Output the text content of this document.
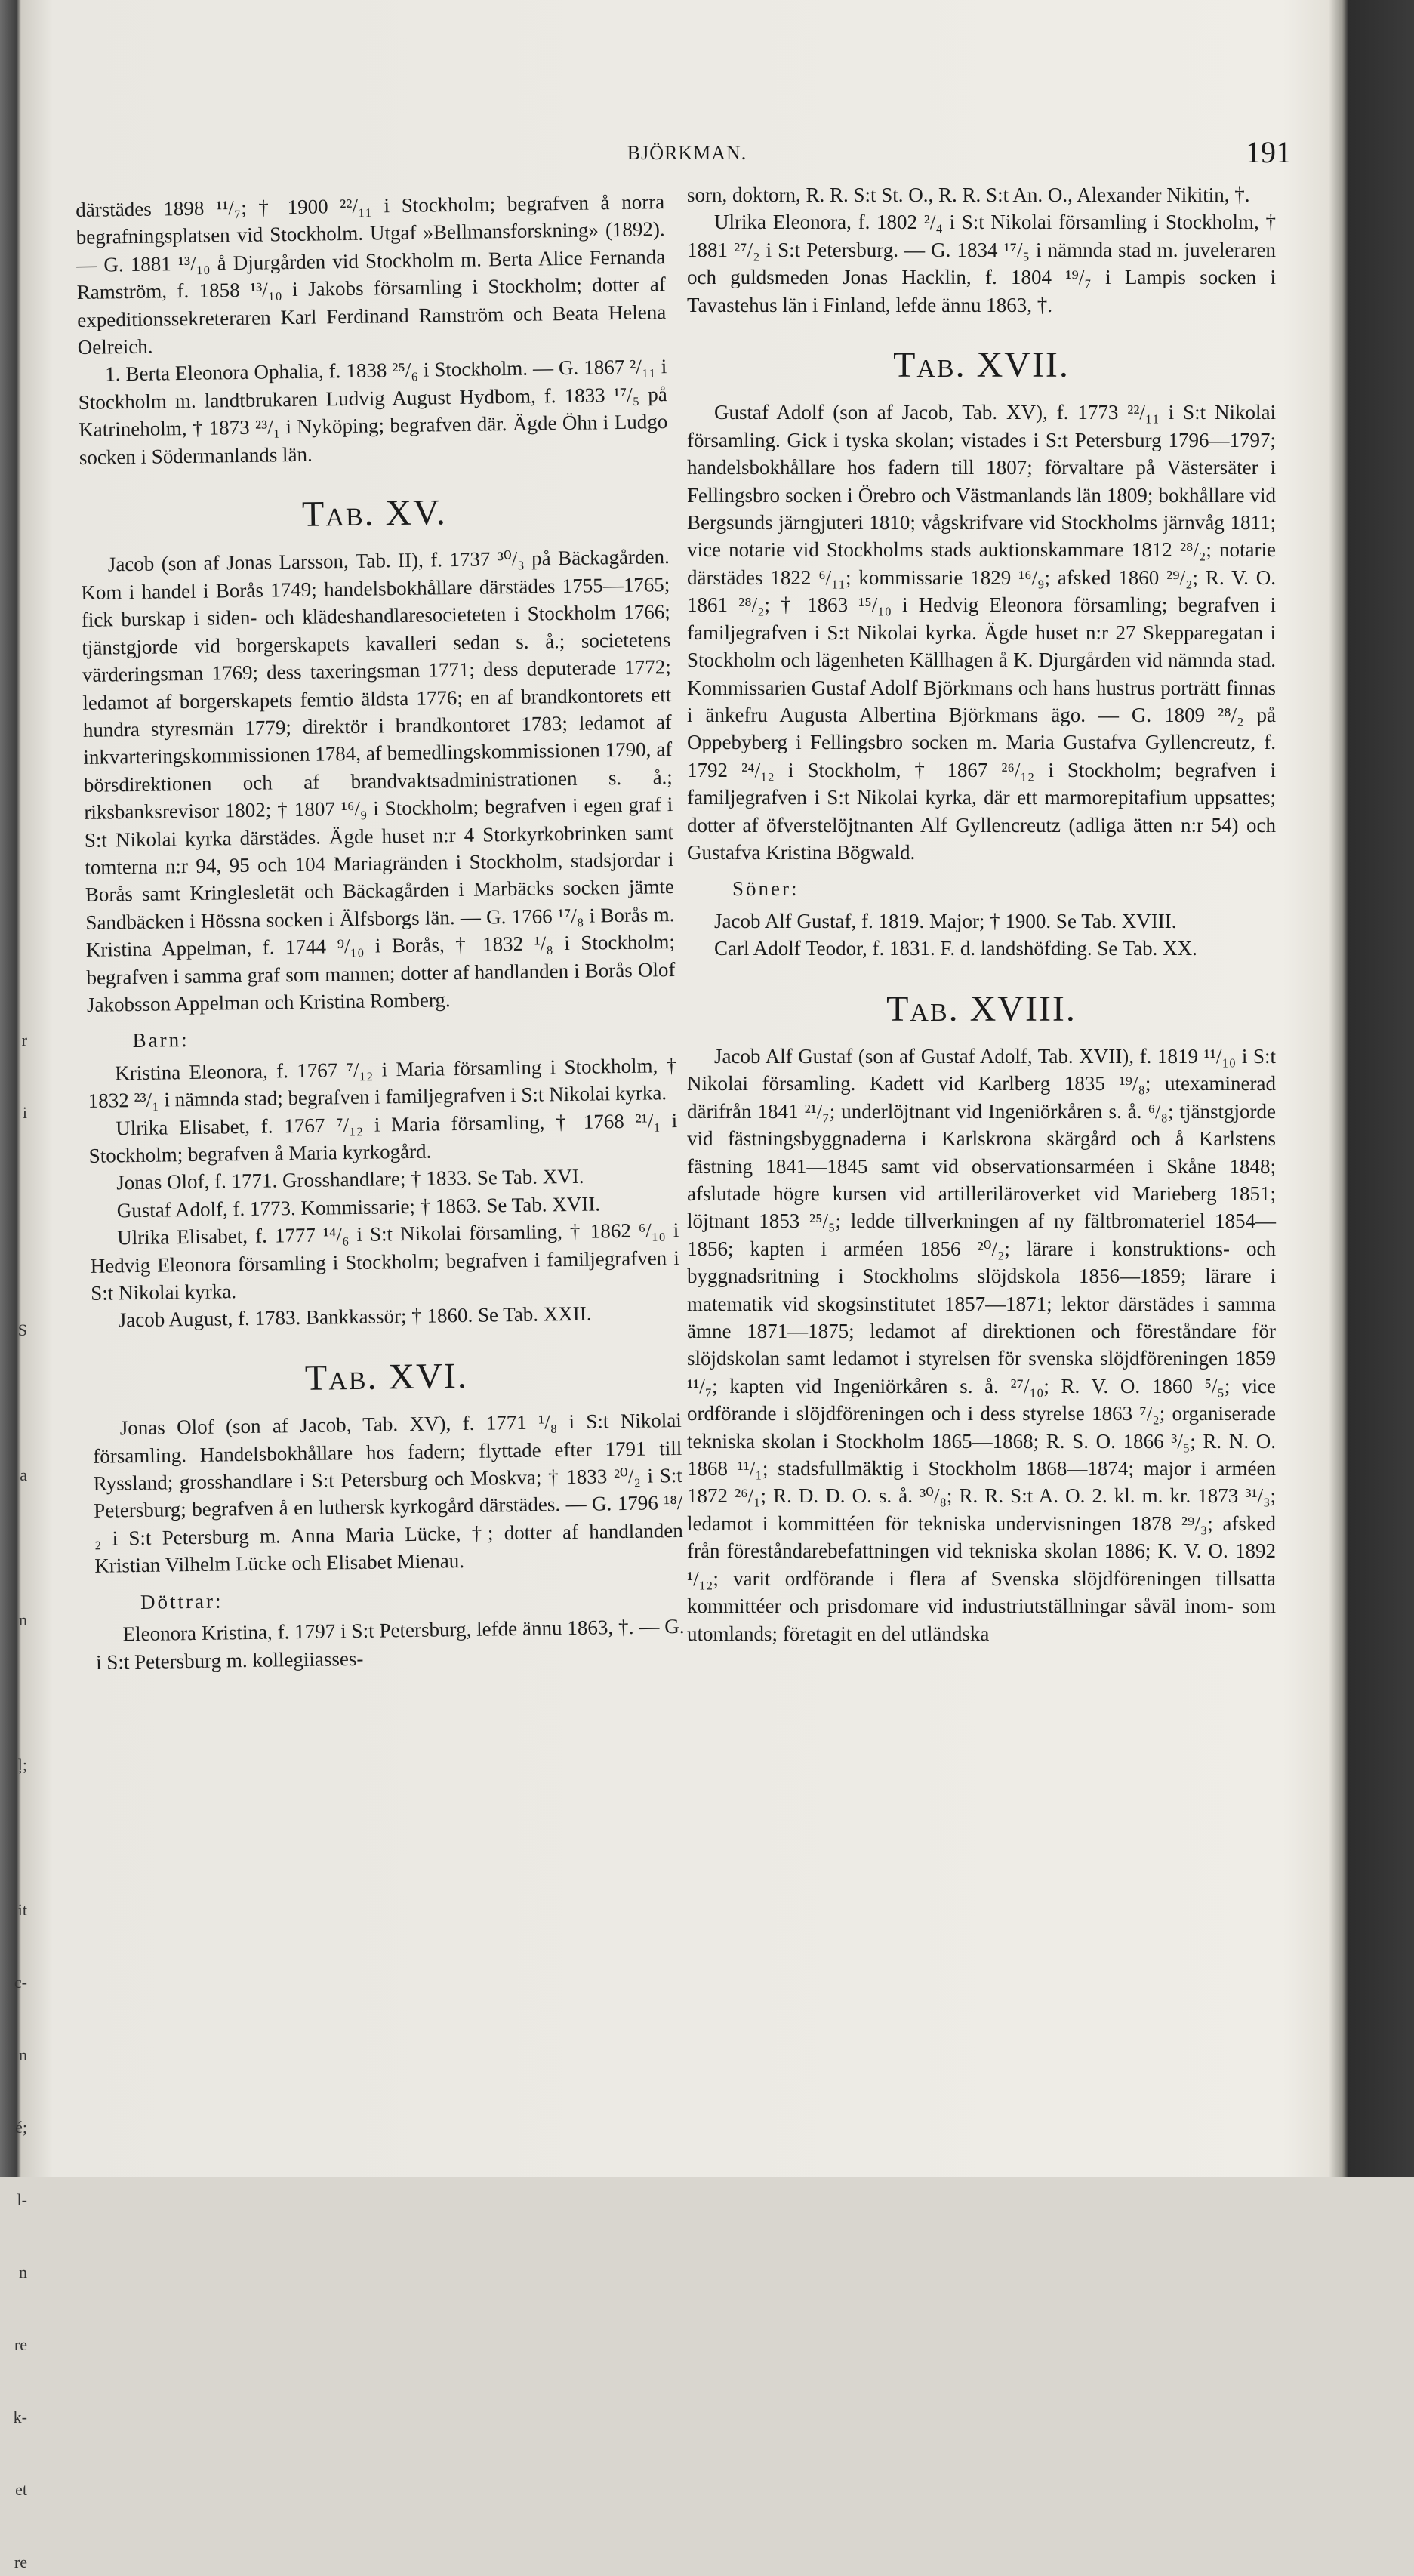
r
i

S

a

n

ļ;

it
c-
n
é;
l-
n
re
k-
et
re
BJÖRKMAN.	191

därstädes 1898 ¹¹/₇; † 1900 ²²/₁₁ i Stockholm; begrafven å norra begrafningsplatsen vid Stockholm. Utgaf »Bellmansforskning» (1892). — G. 1881 ¹³/₁₀ å Djurgården vid Stockholm m. Berta Alice Fernanda Ramström, f. 1858 ¹³/₁₀ i Jakobs församling i Stockholm; dotter af expeditionssekreteraren Karl Ferdinand Ramström och Beata Helena Oelreich.

1. Berta Eleonora Ophalia, f. 1838 ²⁵/₆ i Stockholm. — G. 1867 ²/₁₁ i Stockholm m. landtbrukaren Ludvig August Hydbom, f. 1833 ¹⁷/₅ på Katrineholm, † 1873 ²³/₁ i Nyköping; begrafven där. Ägde Öhn i Ludgo socken i Södermanlands län.

Tab. XV.

Jacob (son af Jonas Larsson, Tab. II), f. 1737 ³⁰/₃ på Bäckagården. Kom i handel i Borås 1749; handelsbokhållare därstädes 1755—1765; fick burskap i siden- och klädeshandlaresocieteten i Stockholm 1766; tjänstgjorde vid borgerskapets kavalleri sedan s. å.; societetens värderingsman 1769; dess taxeringsman 1771; dess deputerade 1772; ledamot af borgerskapets femtio äldsta 1776; en af brandkontorets ett hundra styresmän 1779; direktör i brandkontoret 1783; ledamot af inkvarteringskommissionen 1784, af bemedlingskommissionen 1790, af börsdirektionen och af brandvaktsadministrationen s. å.; riksbanksrevisor 1802; † 1807 ¹⁶/₉ i Stockholm; begrafven i egen graf i S:t Nikolai kyrka därstädes. Ägde huset n:r 4 Storkyrkobrinken samt tomterna n:r 94, 95 och 104 Mariagränden i Stockholm, stadsjordar i Borås samt Kringlesletät och Bäckagården i Marbäcks socken jämte Sandbäcken i Hössna socken i Älfsborgs län. — G. 1766 ¹⁷/₈ i Borås m. Kristina Appelman, f. 1744 ⁹/₁₀ i Borås, † 1832 ¹/₈ i Stockholm; begrafven i samma graf som mannen; dotter af handlanden i Borås Olof Jakobsson Appelman och Kristina Romberg.

Barn:

Kristina Eleonora, f. 1767 ⁷/₁₂ i Maria församling i Stockholm, † 1832 ²³/₁ i nämnda stad; begrafven i familjegrafven i S:t Nikolai kyrka.

Ulrika Elisabet, f. 1767 ⁷/₁₂ i Maria församling, † 1768 ²¹/₁ i Stockholm; begrafven å Maria kyrkogård.

Jonas Olof, f. 1771. Grosshandlare; † 1833. Se Tab. XVI.

Gustaf Adolf, f. 1773. Kommissarie; † 1863. Se Tab. XVII.

Ulrika Elisabet, f. 1777 ¹⁴/₆ i S:t Nikolai församling, † 1862 ⁶/₁₀ i Hedvig Eleonora församling i Stockholm; begrafven i familjegrafven i S:t Nikolai kyrka.

Jacob August, f. 1783. Bankkassör; † 1860. Se Tab. XXII.

Tab. XVI.

Jonas Olof (son af Jacob, Tab. XV), f. 1771 ¹/₈ i S:t Nikolai församling. Handelsbokhållare hos fadern; flyttade efter 1791 till Ryssland; grosshandlare i S:t Petersburg och Moskva; † 1833 ²⁰/₂ i S:t Petersburg; begrafven å en luthersk kyrkogård därstädes. — G. 1796 ¹⁸/₂ i S:t Petersburg m. Anna Maria Lücke, †; dotter af handlanden Kristian Vilhelm Lücke och Elisabet Mienau.

Döttrar:

Eleonora Kristina, f. 1797 i S:t Petersburg, lefde ännu 1863, †. — G. i S:t Petersburg m. kollegiiasses-

sorn, doktorn, R. R. S:t St. O., R. R. S:t An. O., Alexander Nikitin, †.

Ulrika Eleonora, f. 1802 ²/₄ i S:t Nikolai församling i Stockholm, † 1881 ²⁷/₂ i S:t Petersburg. — G. 1834 ¹⁷/₅ i nämnda stad m. juveleraren och guldsmeden Jonas Hacklin, f. 1804 ¹⁹/₇ i Lampis socken i Tavastehus län i Finland, lefde ännu 1863, †.

Tab. XVII.

Gustaf Adolf (son af Jacob, Tab. XV), f. 1773 ²²/₁₁ i S:t Nikolai församling. Gick i tyska skolan; vistades i S:t Petersburg 1796—1797; handelsbokhållare hos fadern till 1807; förvaltare på Västersäter i Fellingsbro socken i Örebro och Västmanlands län 1809; bokhållare vid Bergsunds järngjuteri 1810; vågskrifvare vid Stockholms järnvåg 1811; vice notarie vid Stockholms stads auktionskammare 1812 ²⁸/₂; notarie därstädes 1822 ⁶/₁₁; kommissarie 1829 ¹⁶/₉; afsked 1860 ²⁹/₂; R. V. O. 1861 ²⁸/₂; † 1863 ¹⁵/₁₀ i Hedvig Eleonora församling; begrafven i familjegrafven i S:t Nikolai kyrka. Ägde huset n:r 27 Skepparegatan i Stockholm och lägenheten Källhagen å K. Djurgården vid nämnda stad. Kommissarien Gustaf Adolf Björkmans och hans hustrus porträtt finnas i änkefru Augusta Albertina Björkmans ägo. — G. 1809 ²⁸/₂ på Oppebyberg i Fellingsbro socken m. Maria Gustafva Gyllencreutz, f. 1792 ²⁴/₁₂ i Stockholm, † 1867 ²⁶/₁₂ i Stockholm; begrafven i familjegrafven i S:t Nikolai kyrka, där ett marmorepitafium uppsattes; dotter af öfverstelöjtnanten Alf Gyllencreutz (adliga ätten n:r 54) och Gustafva Kristina Bögwald.

Söner:

Jacob Alf Gustaf, f. 1819. Major; † 1900. Se Tab. XVIII.

Carl Adolf Teodor, f. 1831. F. d. landshöfding. Se Tab. XX.

Tab. XVIII.

Jacob Alf Gustaf (son af Gustaf Adolf, Tab. XVII), f. 1819 ¹¹/₁₀ i S:t Nikolai församling. Kadett vid Karlberg 1835 ¹⁹/₈; utexaminerad därifrån 1841 ²¹/₇; underlöjtnant vid Ingeniörkåren s. å. ⁶/₈; tjänstgjorde vid fästningsbyggnaderna i Karlskrona skärgård och å Karlstens fästning 1841—1845 samt vid observationsarméen i Skåne 1848; afslutade högre kursen vid artilleriläroverket vid Marieberg 1851; löjtnant 1853 ²⁵/₅; ledde tillverkningen af ny fältbromateriel 1854—1856; kapten i arméen 1856 ²⁰/₂; lärare i konstruktions- och byggnadsritning i Stockholms slöjdskola 1856—1859; lärare i matematik vid skogsinstitutet 1857—1871; lektor därstädes i samma ämne 1871—1875; ledamot af direktionen och föreståndare för slöjdskolan samt ledamot i styrelsen för svenska slöjdföreningen 1859 ¹¹/₇; kapten vid Ingeniörkåren s. å. ²⁷/₁₀; R. V. O. 1860 ⁵/₅; vice ordförande i slöjdföreningen och i dess styrelse 1863 ⁷/₂; organiserade tekniska skolan i Stockholm 1865—1868; R. S. O. 1866 ³/₅; R. N. O. 1868 ¹¹/₁; stadsfullmäktig i Stockholm 1868—1874; major i arméen 1872 ²⁶/₁; R. D. D. O. s. å. ³⁰/₈; R. R. S:t A. O. 2. kl. m. kr. 1873 ³¹/₃; ledamot i kommittéen för tekniska undervisningen 1878 ²⁹/₃; afsked från föreståndarebefattningen vid tekniska skolan 1886; K. V. O. 1892 ¹/₁₂; varit ordförande i flera af Svenska slöjdföreningen tillsatta kommittéer och prisdomare vid industriutställningar såväl inom- som utomlands; företagit en del utländska
